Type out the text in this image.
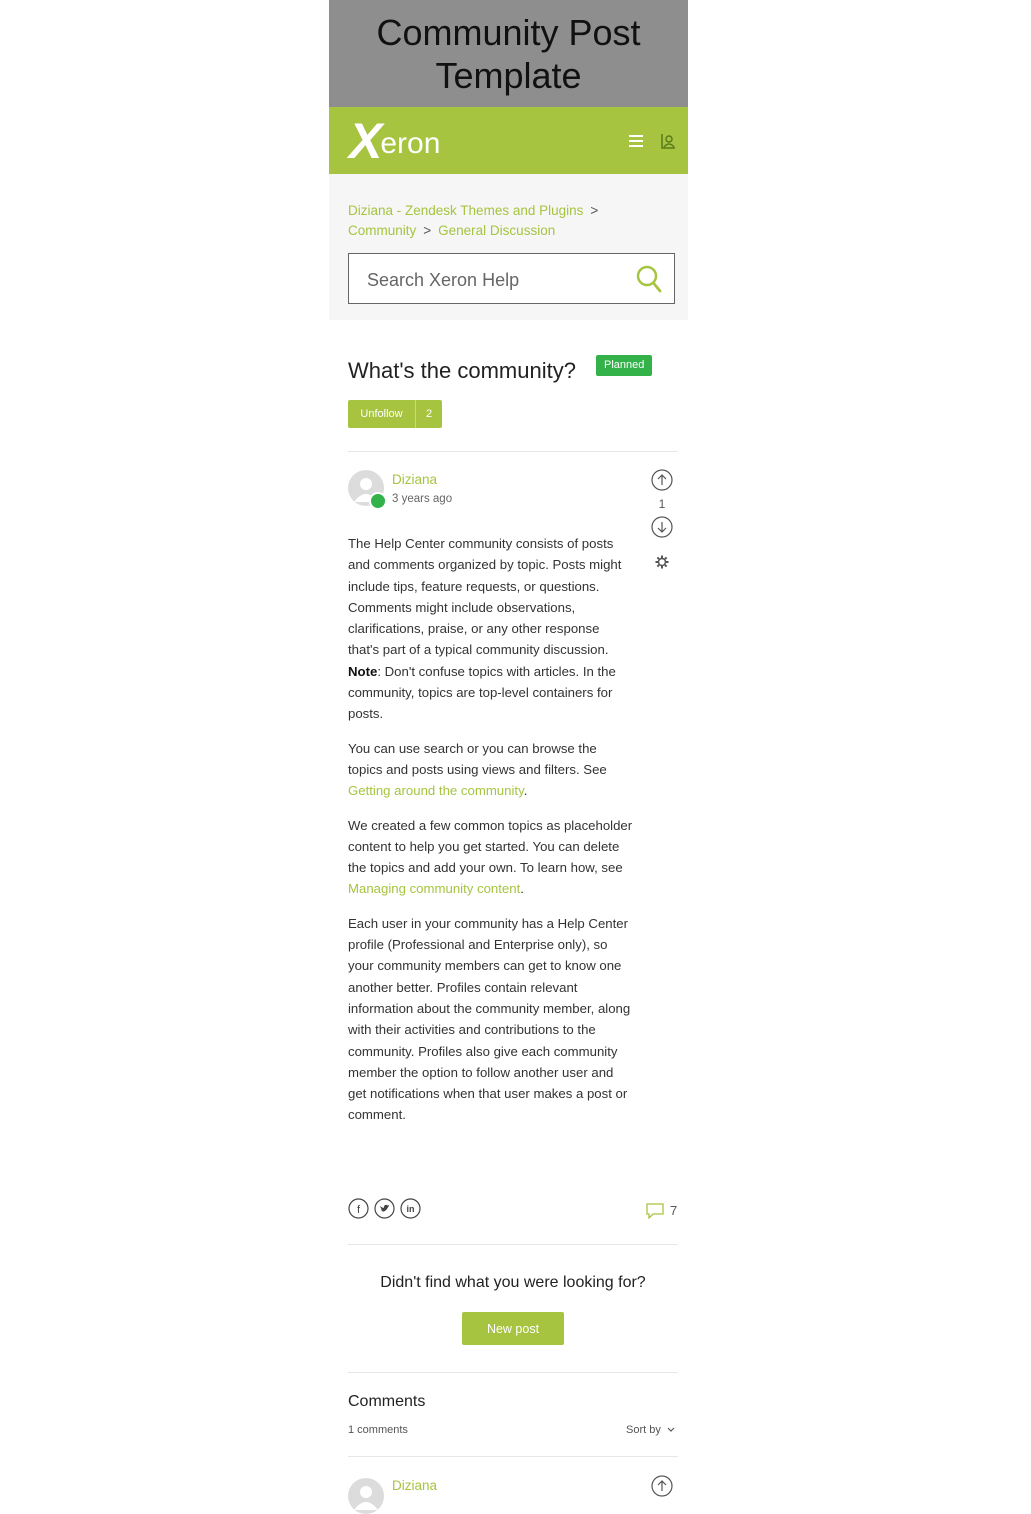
Community Post Template
X eron
Diziana - Zendesk Themes and Plugins >
Community > General Discussion
Search Xeron Help
What's the community?	Planned
Unfollow	2
Diziana
3 years ago	1

The Help Center community consists of posts and comments organized by topic. Posts might include tips, feature requests, or questions. Comments might include observations, clarifications, praise, or any other response that's part of a typical community discussion. Note: Don't confuse topics with articles. In the community, topics are top-level containers for posts.

You can use search or you can browse the topics and posts using views and filters. See Getting around the community.

We created a few common topics as placeholder content to help you get started. You can delete the topics and add your own. To learn how, see Managing community content.

Each user in your community has a Help Center profile (Professional and Enterprise only), so your community members can get to know one another better. Profiles contain relevant information about the community member, along with their activities and contributions to the community. Profiles also give each community member the option to follow another user and get notifications when that user makes a post or comment.

f	in	7
Didn't find what you were looking for?
New post
Comments
1 comments	Sort by
Diziana
